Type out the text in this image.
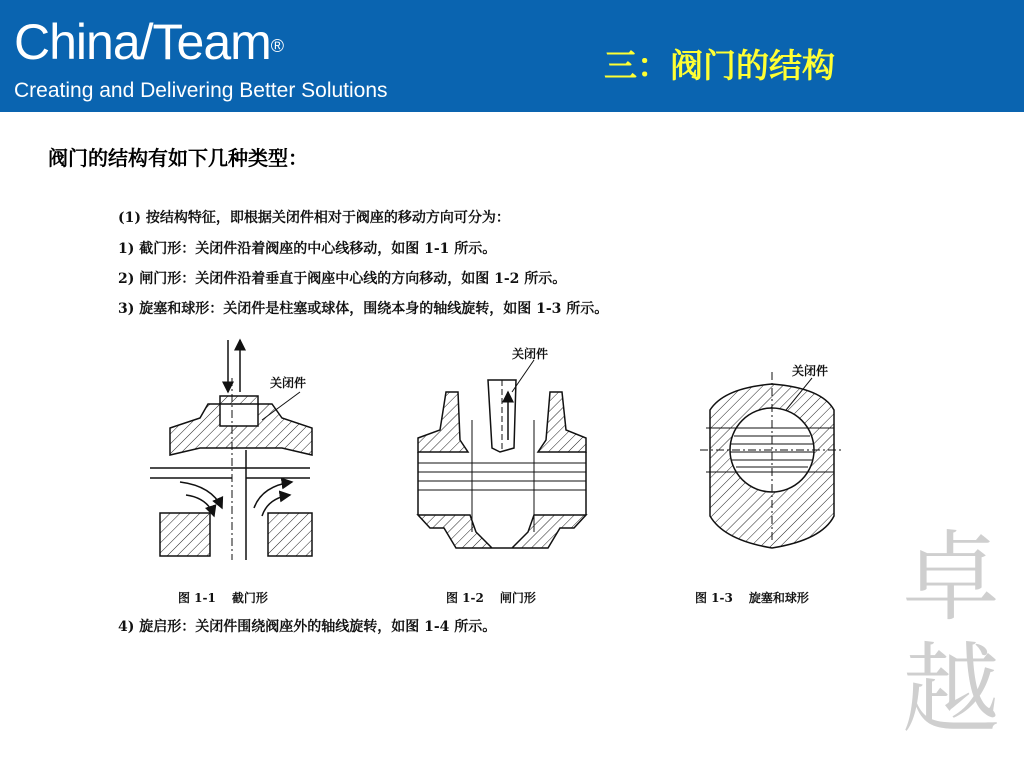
China/Team®
Creating and Delivering Better Solutions
三：阀门的结构
阀门的结构有如下几种类型：
(1) 按结构特征，即根据关闭件相对于阀座的移动方向可分为：
1) 截门形：关闭件沿着阀座的中心线移动，如图 1-1 所示。
2) 闸门形：关闭件沿着垂直于阀座中心线的方向移动，如图 1-2 所示。
3) 旋塞和球形：关闭件是柱塞或球体，围绕本身的轴线旋转，如图 1-3 所示。
4) 旋启形：关闭件围绕阀座外的轴线旋转，如图 1-4 所示。
关闭件
关闭件
关闭件
图 1-1 截门形	图 1-2 闸门形	图 1-3 旋塞和球形 卓
越
